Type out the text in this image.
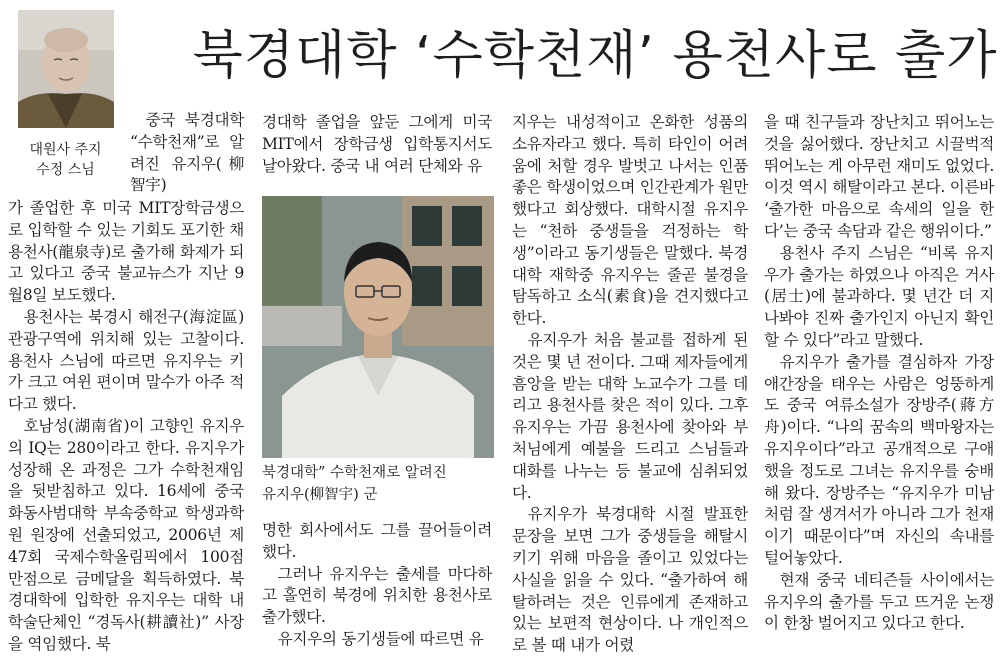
북경대학 ‘수학천재’ 용천사로 출가
대원사 주지
수정 스님

중국 북경대학 “수학천재”로 알려진 유지우(柳智宇)

가 졸업한 후 미국 MIT장학금생으로 입학할 수 있는 기회도 포기한 채 용천사(龍泉寺)로 출가해 화제가 되고 있다고 중국 불교뉴스가 지난 9월8일 보도했다.

용천사는 북경시 해전구(海淀區) 관광구역에 위치해 있는 고찰이다. 용천사 스님에 따르면 유지우는 키가 크고 여윈 편이며 말수가 아주 적다고 했다.

호남성(湖南省)이 고향인 유지우의 IQ는 280이라고 한다. 유지우가 성장해 온 과정은 그가 수학천재임을 뒷받침하고 있다. 16세에 중국 화동사범대학 부속중학교 학생과학원 원장에 선출되었고, 2006년 제47회 국제수학올림픽에서 100점 만점으로 금메달을 획득하였다. 북경대학에 입학한 유지우는 대학 내 학술단체인 “경독사(耕讀社)” 사장을 역임했다. 북

경대학 졸업을 앞둔 그에게 미국 MIT에서 장학금생 입학통지서도 날아왔다. 중국 내 여러 단체와 유

북경대학” 수학천재로 알려진
유지우(柳智宇) 군

명한 회사에서도 그를 끌어들이려 했다.

그러나 유지우는 출세를 마다하고 홀연히 북경에 위치한 용천사로 출가했다.

유지우의 동기생들에 따르면 유

지우는 내성적이고 온화한 성품의 소유자라고 했다. 특히 타인이 어려움에 처할 경우 발벗고 나서는 인품 좋은 학생이었으며 인간관계가 원만했다고 회상했다. 대학시절 유지우는 “천하 중생들을 걱정하는 학생”이라고 동기생들은 말했다. 북경대학 재학중 유지우는 줄곧 불경을 탐독하고 소식(素食)을 견지했다고 한다.

유지우가 처음 불교를 접하게 된 것은 몇 년 전이다. 그때 제자들에게 흠앙을 받는 대학 노교수가 그를 데리고 용천사를 찾은 적이 있다. 그후 유지우는 가끔 용천사에 찾아와 부처님에게 예불을 드리고 스님들과 대화를 나누는 등 불교에 심취되었다.

유지우가 북경대학 시절 발표한 문장을 보면 그가 중생들을 해탈시키기 위해 마음을 졸이고 있었다는 사실을 읽을 수 있다. “출가하여 해탈하려는 것은 인류에게 존재하고 있는 보편적 현상이다. 나 개인적으로 볼 때 내가 어렸

을 때 친구들과 장난치고 뛰어노는 것을 싫어했다. 장난치고 시끌벅적 뛰어노는 게 아무런 재미도 없었다. 이것 역시 해탈이라고 본다. 이른바 ‘출가한 마음으로 속세의 일을 한다’는 중국 속담과 같은 행위이다.”

용천사 주지 스님은 “비록 유지우가 출가는 하였으나 아직은 거사(居士)에 불과하다. 몇 년간 더 지나봐야 진짜 출가인지 아닌지 확인할 수 있다”라고 말했다.

유지우가 출가를 결심하자 가장 애간장을 태우는 사람은 엉뚱하게도 중국 여류소설가 장방주(蔣方舟)이다. “나의 꿈속의 백마왕자는 유지우이다”라고 공개적으로 구애했을 정도로 그녀는 유지우를 숭배해 왔다. 장방주는 “유지우가 미남처럼 잘 생겨서가 아니라 그가 천재이기 때문이다”며 자신의 속내를 털어놓았다.

현재 중국 네티즌들 사이에서는 유지우의 출가를 두고 뜨거운 논쟁이 한창 벌어지고 있다고 한다.
